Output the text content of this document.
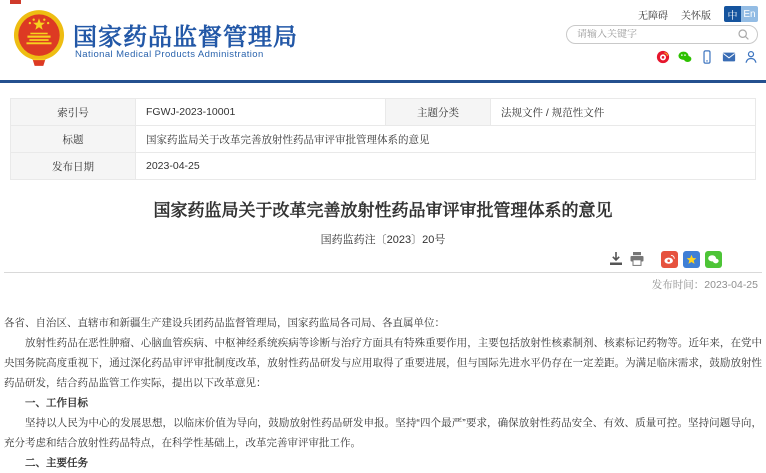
国家药品监督管理局
National Medical Products Administration
无障碍 关怀版	中 En
请输入关键字
索引号	FGWJ-2023-10001	主题分类	法规文件 / 规范性文件
标题	国家药监局关于改革完善放射性药品审评审批管理体系的意见		
发布日期	2023-04-25		
国家药监局关于改革完善放射性药品审评审批管理体系的意见
国药监药注〔2023〕20号
发布时间：2023-04-25

各省、自治区、直辖市和新疆生产建设兵团药品监督管理局，国家药监局各司局、各直属单位：

放射性药品在恶性肿瘤、心脑血管疾病、中枢神经系统疾病等诊断与治疗方面具有特殊重要作用，主要包括放射性核素制剂、核素标记药物等。近年来，在党中央国务院高度重视下，通过深化药品审评审批制度改革，放射性药品研发与应用取得了重要进展，但与国际先进水平仍存在一定差距。为满足临床需求，鼓励放射性药品研发，结合药品监管工作实际，提出以下改革意见：

一、工作目标

坚持以人民为中心的发展思想，以临床价值为导向，鼓励放射性药品研发申报。坚持“四个最严”要求，确保放射性药品安全、有效、质量可控。坚持问题导向，充分考虑和结合放射性药品特点，在科学性基础上，改革完善审评审批工作。

二、主要任务
